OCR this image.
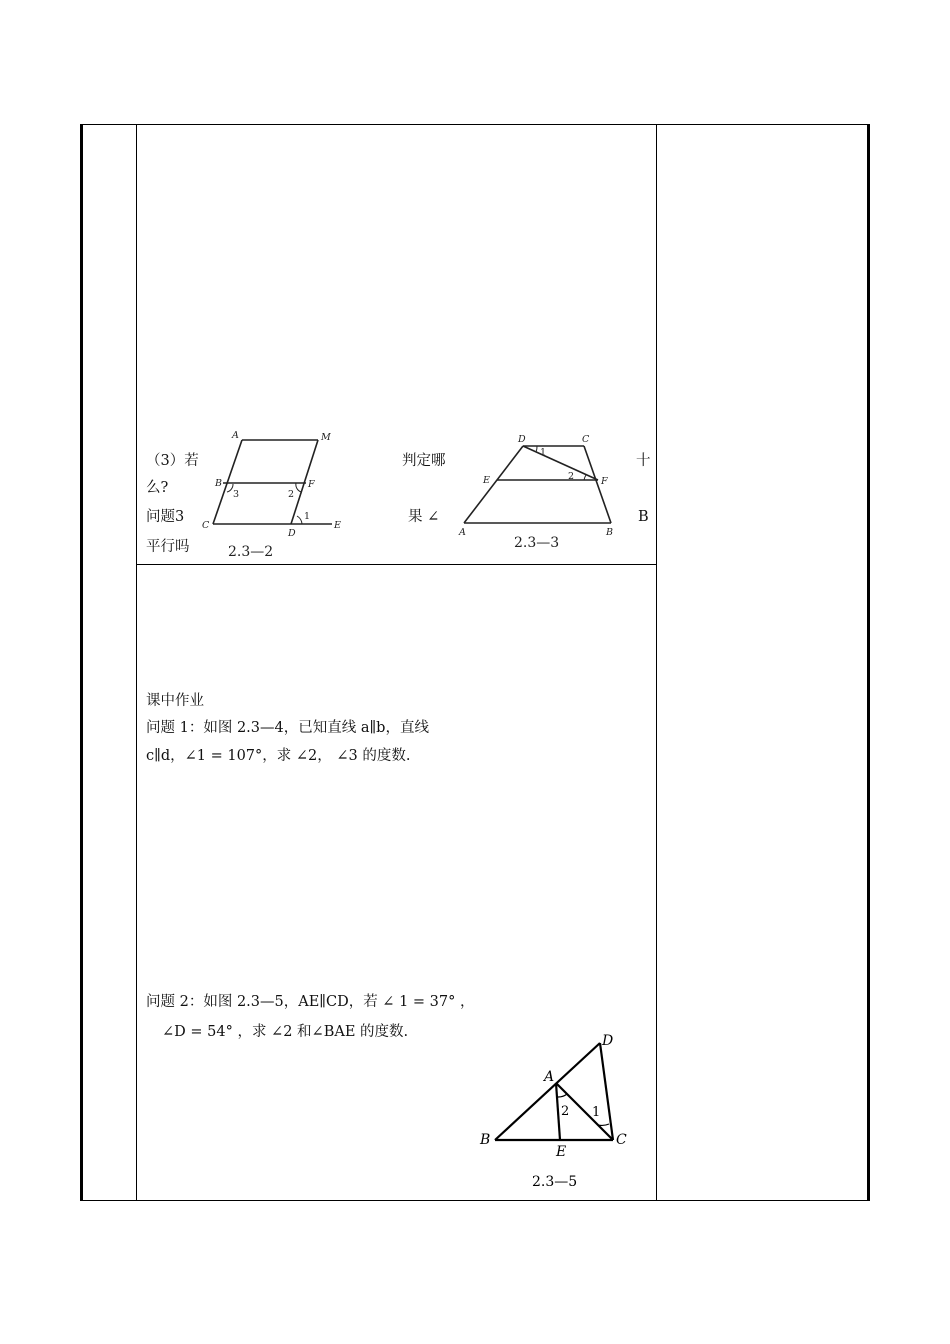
（3）若	判定哪	十
么?
问题3	果 ∠	B
平行吗
A	M
B	F
C
D
E
3	2
1
2.3—2
D	C
E	F
A	B
1
2
2.3—3
课中作业
问题 1：如图 2.3—4，已知直线 a∥b，直线
c∥d，∠1 = 107°，求 ∠2， ∠3 的度数.
问题 2：如图 2.3—5，AE∥CD，若 ∠ 1 = 37° ，
∠D = 54° ，求 ∠2 和∠BAE 的度数.
D
A
B
E
C
2 1
2.3—5
